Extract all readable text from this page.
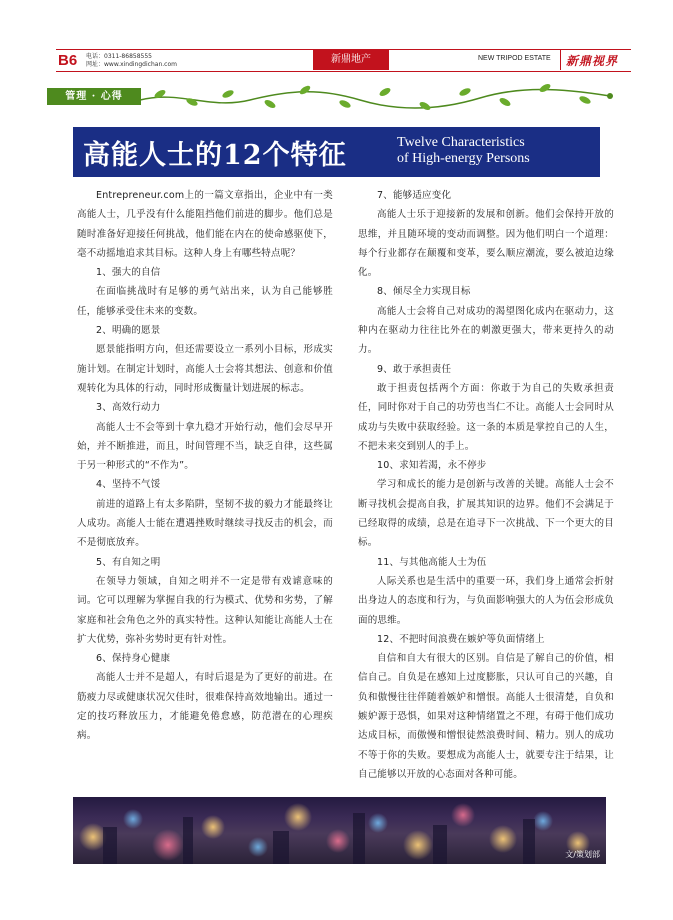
B6 电话：0311-86858555
网址：www.xindingdichan.com	新鼎地产	NEW TRIPOD ESTATE 新鼎视界
管理 · 心得
高能人士的12个特征	Twelve Characteristics
of High-energy Persons

Entrepreneur.com上的一篇文章指出，企业中有一类高能人士，几乎没有什么能阻挡他们前进的脚步。他们总是随时准备好迎接任何挑战，他们能在内在的使命感驱使下，毫不动摇地追求其目标。这种人身上有哪些特点呢？

1、强大的自信

在面临挑战时有足够的勇气站出来，认为自己能够胜任，能够承受住未来的变数。

2、明确的愿景

愿景能指明方向，但还需要设立一系列小目标，形成实施计划。在制定计划时，高能人士会将其想法、创意和价值观转化为具体的行动，同时形成衡量计划进展的标志。

3、高效行动力

高能人士不会等到十拿九稳才开始行动，他们会尽早开始，并不断推进，而且，时间管理不当，缺乏自律，这些属于另一种形式的“不作为”。

4、坚持不气馁

前进的道路上有太多陷阱，坚韧不拔的毅力才能最终让人成功。高能人士能在遭遇挫败时继续寻找反击的机会，而不是彻底放弃。

5、有自知之明

在领导力领域，自知之明并不一定是带有戏谑意味的词。它可以理解为掌握自我的行为模式、优势和劣势，了解家庭和社会角色之外的真实特性。这种认知能让高能人士在扩大优势，弥补劣势时更有针对性。

6、保持身心健康

高能人士并不是超人，有时后退是为了更好的前进。在筋疲力尽或健康状况欠佳时，很难保持高效地输出。通过一定的技巧释放压力，才能避免倦怠感，防范潜在的心理疾病。

7、能够适应变化

高能人士乐于迎接新的发展和创新。他们会保持开放的思维，并且随环境的变动而调整。因为他们明白一个道理：每个行业都存在颠覆和变革，要么顺应潮流，要么被迫边缘化。

8、倾尽全力实现目标

高能人士会将自己对成功的渴望图化成内在驱动力，这种内在驱动力往往比外在的刺激更强大，带来更持久的动力。

9、敢于承担责任

敢于担责包括两个方面：你敢于为自己的失败承担责任，同时你对于自己的功劳也当仁不让。高能人士会同时从成功与失败中获取经验。这一条的本质是掌控自己的人生，不把未来交到别人的手上。

10、求知若渴，永不停步

学习和成长的能力是创新与改善的关键。高能人士会不断寻找机会提高自我，扩展其知识的边界。他们不会满足于已经取得的成绩，总是在追寻下一次挑战、下一个更大的目标。

11、与其他高能人士为伍

人际关系也是生活中的重要一环，我们身上通常会折射出身边人的态度和行为，与负面影响强大的人为伍会形成负面的思维。

12、不把时间浪费在嫉妒等负面情绪上

自信和自大有很大的区别。自信是了解自己的价值，相信自己。自负是在感知上过度膨胀，只认可自己的兴趣，自负和傲慢往往伴随着嫉妒和憎恨。高能人士很清楚，自负和嫉妒源于恐惧，如果对这种情绪置之不理，有碍于他们成功达成目标，而傲慢和憎恨徒然浪费时间、精力。别人的成功不等于你的失败。要想成为高能人士，就要专注于结果，让自己能够以开放的心态面对各种可能。

文/策划部
